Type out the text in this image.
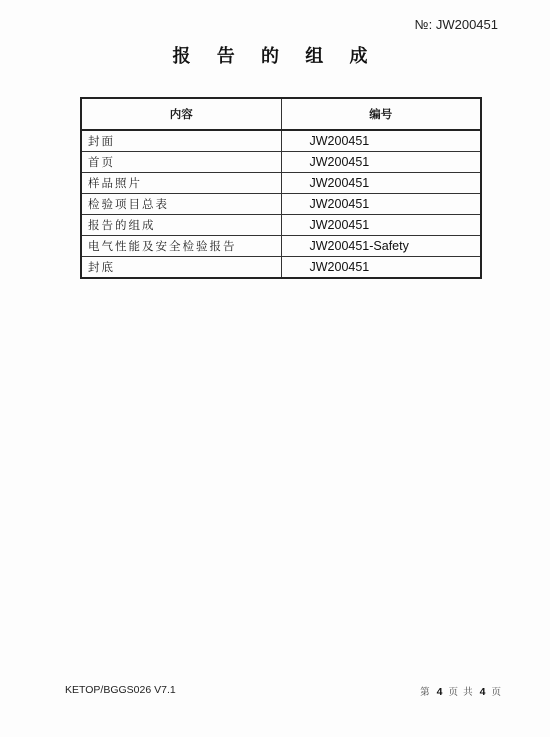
№: JW200451
报 告 的 组 成
内容	编号
封面	JW200451
首页	JW200451
样品照片	JW200451
检验项目总表	JW200451
报告的组成	JW200451
电气性能及安全检验报告	JW200451-Safety
封底	JW200451
KETOP/BGGS026 V7.1	第 4 页 共 4 页
